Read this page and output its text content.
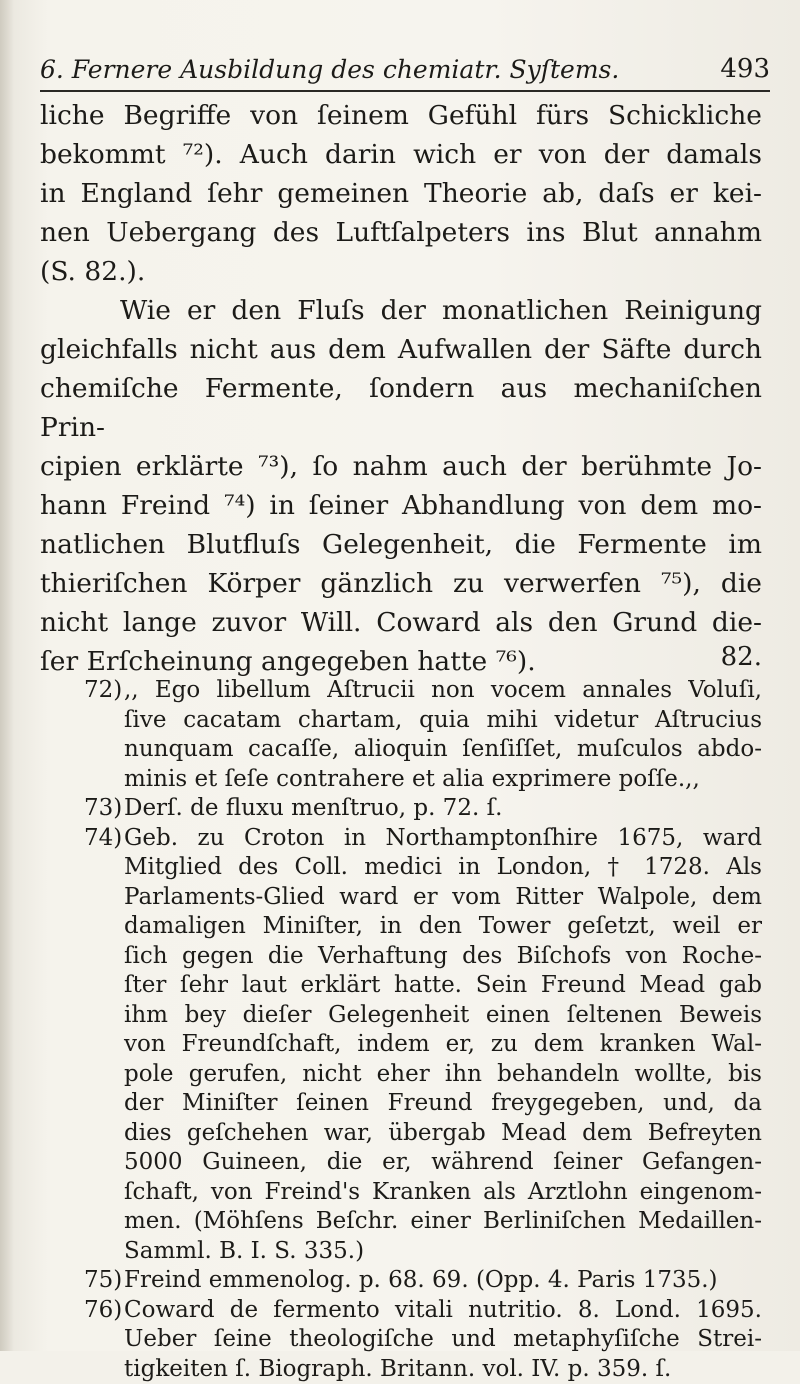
6. Fernere Ausbildung des chemiatr. Syſtems.	493

liche Begriffe von ſeinem Gefühl fürs Schickliche

bekommt ⁷²). Auch darin wich er von der damals

in England ſehr gemeinen Theorie ab, daſs er kei-

nen Uebergang des Luftſalpeters ins Blut annahm

(S. 82.).

Wie er den Fluſs der monatlichen Reinigung

gleichfalls nicht aus dem Aufwallen der Säfte durch

chemiſche Fermente, ſondern aus mechaniſchen Prin-

cipien erklärte ⁷³), ſo nahm auch der berühmte Jo-

hann Freind ⁷⁴) in ſeiner Abhandlung von dem mo-

natlichen Blutfluſs Gelegenheit, die Fermente im

thieriſchen Körper gänzlich zu verwerfen ⁷⁵), die

nicht lange zuvor Will. Coward als den Grund die-

ſer Erſcheinung angegeben hatte ⁷⁶).	82.
72) ,, Ego libellum Aſtrucii non vocem annales Voluſi,
ſive cacatam chartam, quia mihi videtur Aſtrucius
nunquam cacaſſe, alioquin ſenſiſſet, muſculos abdo-
minis et ſeſe contrahere et alia exprimere poſſe.,,
73) Derſ. de fluxu menſtruo, p. 72. ſ.
74) Geb. zu Croton in Northamptonſhire 1675, ward
Mitglied des Coll. medici in London, † 1728. Als
Parlaments-Glied ward er vom Ritter Walpole, dem
damaligen Miniſter, in den Tower geſetzt, weil er
ſich gegen die Verhaftung des Biſchofs von Roche-
ſter ſehr laut erklärt hatte. Sein Freund Mead gab
ihm bey dieſer Gelegenheit einen ſeltenen Beweis
von Freundſchaft, indem er, zu dem kranken Wal-
pole gerufen, nicht eher ihn behandeln wollte, bis
der Miniſter ſeinen Freund freygegeben, und, da
dies geſchehen war, übergab Mead dem Befreyten
5000 Guineen, die er, während ſeiner Gefangen-
ſchaft, von Freind's Kranken als Arztlohn eingenom-
men. (Möhſens Beſchr. einer Berliniſchen Medaillen-
Samml. B. I. S. 335.)
75) Freind emmenolog. p. 68. 69. (Opp. 4. Paris 1735.)
76) Coward de fermento vitali nutritio. 8. Lond. 1695.
Ueber ſeine theologiſche und metaphyſiſche Strei-
tigkeiten ſ. Biograph. Britann. vol. IV. p. 359. ſ.
